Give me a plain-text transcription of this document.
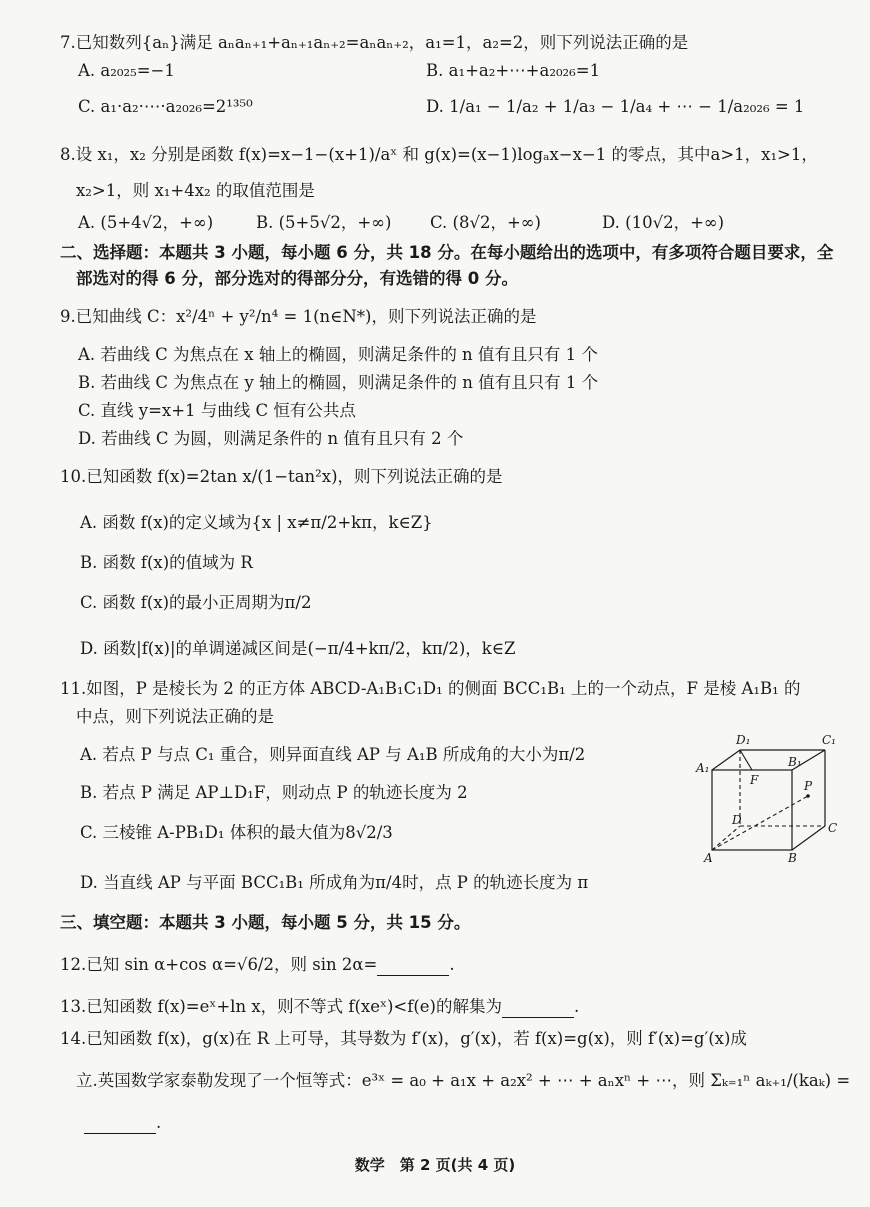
7.已知数列{aₙ}满足 aₙaₙ₊₁+aₙ₊₁aₙ₊₂=aₙaₙ₊₂，a₁=1，a₂=2，则下列说法正确的是
A. a₂₀₂₅=−1	B. a₁+a₂+⋯+a₂₀₂₆=1
C. a₁·a₂·⋯·a₂₀₂₆=2¹³⁵⁰	D. 1/a₁ − 1/a₂ + 1/a₃ − 1/a₄ + ⋯ − 1/a₂₀₂₆ = 1
8.设 x₁，x₂ 分别是函数 f(x)=x−1−(x+1)/aˣ 和 g(x)=(x−1)logₐx−x−1 的零点，其中a>1，x₁>1，
x₂>1，则 x₁+4x₂ 的取值范围是
A. (5+4√2，+∞)	B. (5+5√2，+∞) C. (8√2，+∞)	D. (10√2，+∞)
二、选择题：本题共 3 小题，每小题 6 分，共 18 分。在每小题给出的选项中，有多项符合题目要求，全
部选对的得 6 分，部分选对的得部分分，有选错的得 0 分。
9.已知曲线 C：x²/4ⁿ + y²/n⁴ = 1(n∈N*)，则下列说法正确的是
A. 若曲线 C 为焦点在 x 轴上的椭圆，则满足条件的 n 值有且只有 1 个
B. 若曲线 C 为焦点在 y 轴上的椭圆，则满足条件的 n 值有且只有 1 个
C. 直线 y=x+1 与曲线 C 恒有公共点
D. 若曲线 C 为圆，则满足条件的 n 值有且只有 2 个
10.已知函数 f(x)=2tan x/(1−tan²x)，则下列说法正确的是
A. 函数 f(x)的定义域为{x | x≠π/2+kπ，k∈Z}
B. 函数 f(x)的值域为 R
C. 函数 f(x)的最小正周期为π/2
D. 函数|f(x)|的单调递减区间是(−π/4+kπ/2，kπ/2)，k∈Z
11.如图，P 是棱长为 2 的正方体 ABCD-A₁B₁C₁D₁ 的侧面 BCC₁B₁ 上的一个动点，F 是棱 A₁B₁ 的
中点，则下列说法正确的是
A. 若点 P 与点 C₁ 重合，则异面直线 AP 与 A₁B 所成角的大小为π/2
B. 若点 P 满足 AP⊥D₁F，则动点 P 的轨迹长度为 2
C. 三棱锥 A-PB₁D₁ 体积的最大值为8√2/3
D. 当直线 AP 与平面 BCC₁B₁ 所成角为π/4时，点 P 的轨迹长度为 π
D₁	C₁
A₁	B₁
F	P
D
C
A	B
三、填空题：本题共 3 小题，每小题 5 分，共 15 分。
12.已知 sin α+cos α=√6/2，则 sin 2α=	.
13.已知函数 f(x)=eˣ+ln x，则不等式 f(xeˣ)<f(e)的解集为	.
14.已知函数 f(x)，g(x)在 R 上可导，其导数为 f′(x)，g′(x)，若 f(x)=g(x)，则 f′(x)=g′(x)成
立.英国数学家泰勒发现了一个恒等式：e³ˣ = a₀ + a₁x + a₂x² + ⋯ + aₙxⁿ + ⋯，则 Σₖ₌₁ⁿ aₖ₊₁/(kaₖ) =
.
数学　第 2 页(共 4 页)
